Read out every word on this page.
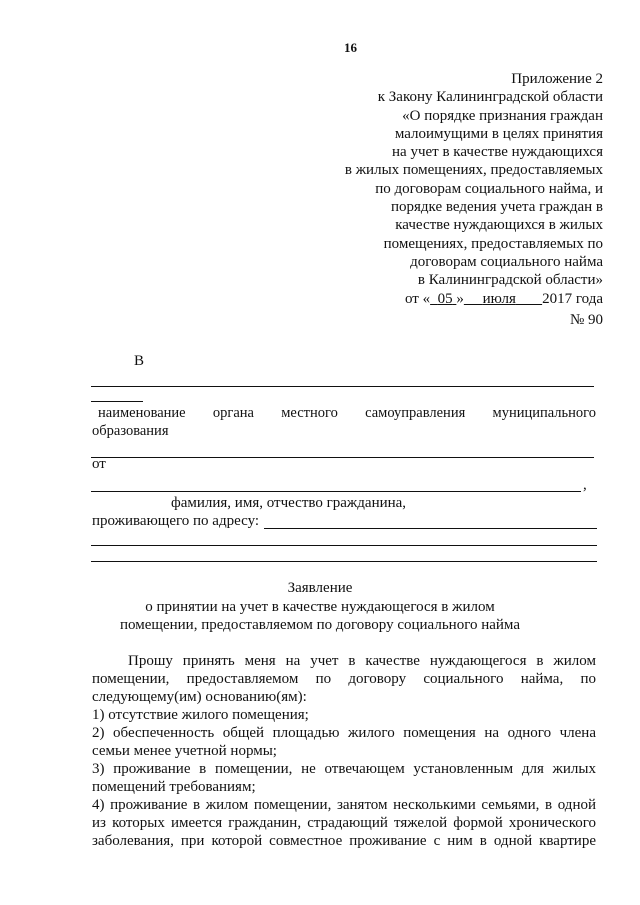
16
Приложение 2
к Закону Калининградской области
«О порядке признания граждан
малоимущими в целях принятия
на учет в качестве нуждающихся
в жилых помещениях, предоставляемых
по договорам социального найма, и
порядке ведения учета граждан в
качестве нуждающихся в жилых
помещениях, предоставляемых по
договорам социального найма
в Калининградской области»
от « 05 » июля 2017 года
№ 90
В
наименование органа местного самоуправления муниципального
образования
от
,
фамилия, имя, отчество гражданина,
проживающего по адресу:
Заявление
о принятии на учет в качестве нуждающегося в жилом
помещении, предоставляемом по договору социального найма
Прошу принять меня на учет в качестве нуждающегося в жилом
помещении, предоставляемом по договору социального найма, по
следующему(им) основанию(ям):
1) отсутствие жилого помещения;
2) обеспеченность общей площадью жилого помещения на одного члена
семьи менее учетной нормы;
3) проживание в помещении, не отвечающем установленным для жилых
помещений требованиям;
4) проживание в жилом помещении, занятом несколькими семьями, в одной
из которых имеется гражданин, страдающий тяжелой формой хронического
заболевания, при которой совместное проживание с ним в одной квартире
